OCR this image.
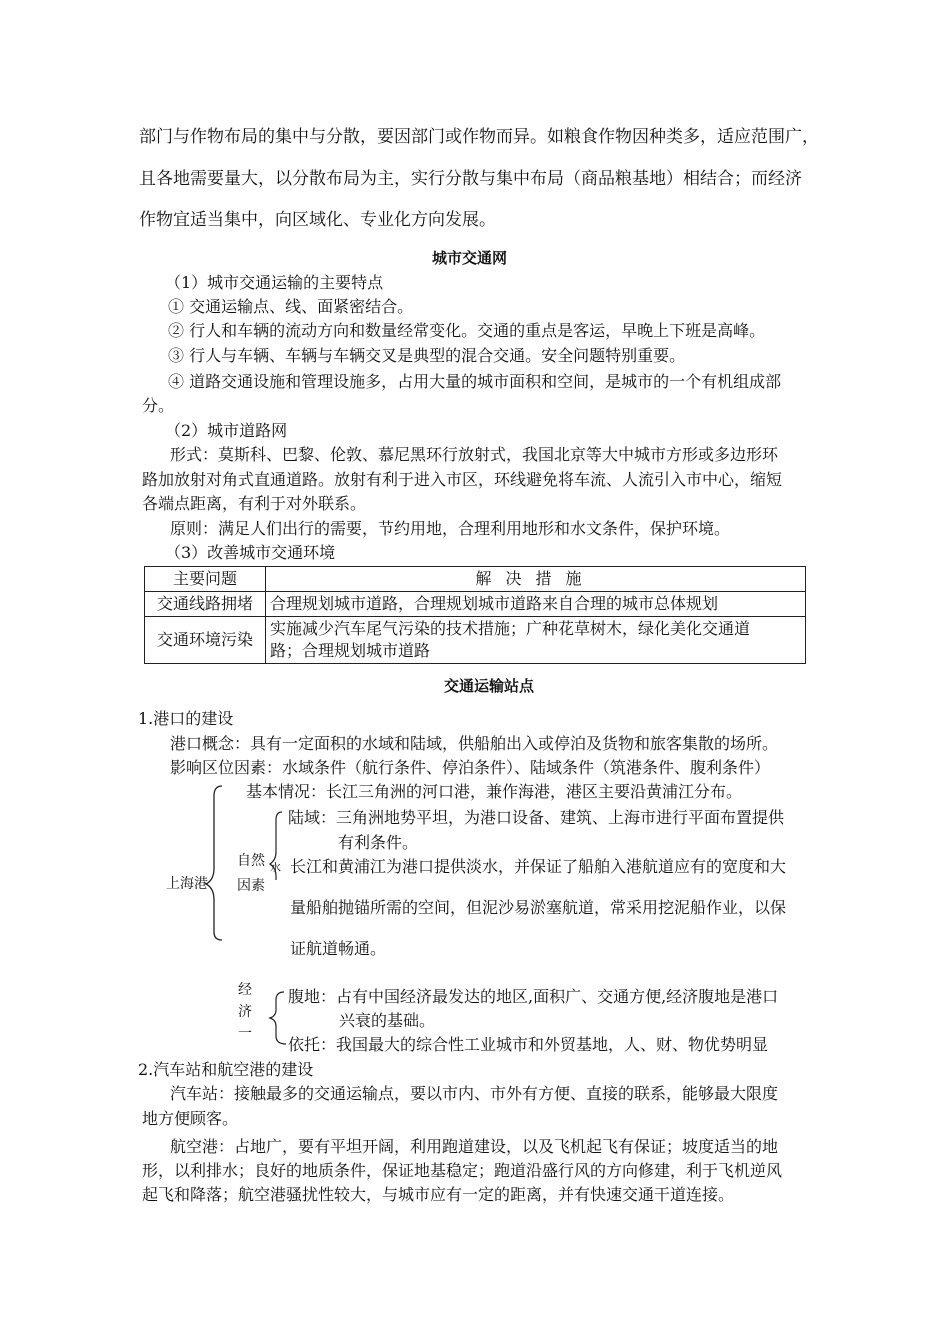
部门与作物布局的集中与分散，要因部门或作物而异。如粮食作物因种类多，适应范围广，
且各地需要量大，以分散布局为主，实行分散与集中布局（商品粮基地）相结合；而经济
作物宜适当集中，向区域化、专业化方向发展。
城市交通网
（1）城市交通运输的主要特点
① 交通运输点、线、面紧密结合。
② 行人和车辆的流动方向和数量经常变化。交通的重点是客运，早晚上下班是高峰。
③ 行人与车辆、车辆与车辆交叉是典型的混合交通。安全问题特别重要。
④ 道路交通设施和管理设施多，占用大量的城市面积和空间，是城市的一个有机组成部
分。
（2）城市道路网
形式：莫斯科、巴黎、伦敦、慕尼黑环行放射式，我国北京等大中城市方形或多边形环
路加放射对角式直通道路。放射有利于进入市区，环线避免将车流、人流引入市中心，缩短
各端点距离，有利于对外联系。
原则：满足人们出行的需要，节约用地，合理利用地形和水文条件，保护环境。
（3）改善城市交通环境
主要问题	解决措施
交通线路拥堵	合理规划城市道路，合理规划城市道路来自合理的城市总体规划
交通环境污染	实施减少汽车尾气污染的技术措施；广种花草树木，绿化美化交通道
路；合理规划城市道路
交通运输站点
1.港口的建设
港口概念：具有一定面积的水域和陆域，供船舶出入或停泊及货物和旅客集散的场所。
影响区位因素：水域条件（航行条件、停泊条件）、陆域条件（筑港条件、腹利条件）
上海港
基本情况：长江三角洲的河口港，兼作海港，港区主要沿黄浦江分布。
自然
因素
水
陆域：三角洲地势平坦，为港口设备、建筑、上海市进行平面布置提供
有利条件。
长江和黄浦江为港口提供淡水，并保证了船舶入港航道应有的宽度和大
量船舶抛锚所需的空间，但泥沙易淤塞航道，常采用挖泥船作业，以保
证航道畅通。
经
济
一
腹地：占有中国经济最发达的地区,面积广、交通方便,经济腹地是港口
兴衰的基础。
依托：我国最大的综合性工业城市和外贸基地，人、财、物优势明显
2.汽车站和航空港的建设
汽车站：接触最多的交通运输点，要以市内、市外有方便、直接的联系，能够最大限度
地方便顾客。
航空港：占地广，要有平坦开阔，利用跑道建设，以及飞机起飞有保证；坡度适当的地
形，以利排水；良好的地质条件，保证地基稳定；跑道沿盛行风的方向修建，利于飞机逆风
起飞和降落；航空港骚扰性较大，与城市应有一定的距离，并有快速交通干道连接。
